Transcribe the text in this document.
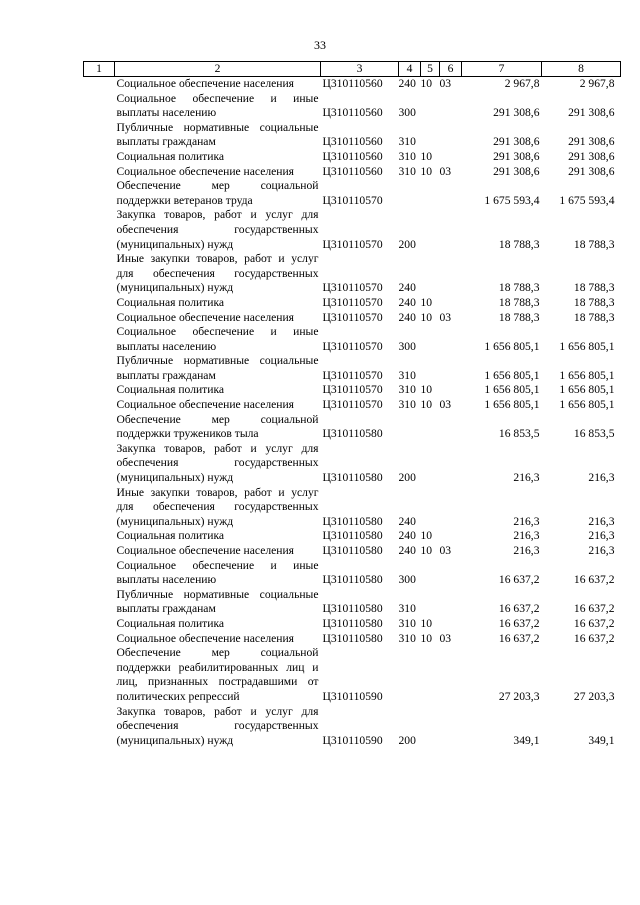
33
1	2	3	4	5	6	7	8
	Социальное обеспечение населения	Ц310110560	240	10	03	2 967,8	2 967,8
	Социальное обеспечение и иные выплаты населению	Ц310110560	300			291 308,6	291 308,6
	Публичные нормативные социальные выплаты гражданам	Ц310110560	310			291 308,6	291 308,6
	Социальная политика	Ц310110560	310	10		291 308,6	291 308,6
	Социальное обеспечение населения	Ц310110560	310	10	03	291 308,6	291 308,6
	Обеспечение мер социальной поддержки ветеранов труда	Ц310110570				1 675 593,4	1 675 593,4
	Закупка товаров, работ и услуг для обеспечения государственных (муниципальных) нужд	Ц310110570	200			18 788,3	18 788,3
	Иные закупки товаров, работ и услуг для обеспечения государственных (муниципальных) нужд	Ц310110570	240			18 788,3	18 788,3
	Социальная политика	Ц310110570	240	10		18 788,3	18 788,3
	Социальное обеспечение населения	Ц310110570	240	10	03	18 788,3	18 788,3
	Социальное обеспечение и иные выплаты населению	Ц310110570	300			1 656 805,1	1 656 805,1
	Публичные нормативные социальные выплаты гражданам	Ц310110570	310			1 656 805,1	1 656 805,1
	Социальная политика	Ц310110570	310	10		1 656 805,1	1 656 805,1
	Социальное обеспечение населения	Ц310110570	310	10	03	1 656 805,1	1 656 805,1
	Обеспечение мер социальной поддержки тружеников тыла	Ц310110580				16 853,5	16 853,5
	Закупка товаров, работ и услуг для обеспечения государственных (муниципальных) нужд	Ц310110580	200			216,3	216,3
	Иные закупки товаров, работ и услуг для обеспечения государственных (муниципальных) нужд	Ц310110580	240			216,3	216,3
	Социальная политика	Ц310110580	240	10		216,3	216,3
	Социальное обеспечение населения	Ц310110580	240	10	03	216,3	216,3
	Социальное обеспечение и иные выплаты населению	Ц310110580	300			16 637,2	16 637,2
	Публичные нормативные социальные выплаты гражданам	Ц310110580	310			16 637,2	16 637,2
	Социальная политика	Ц310110580	310	10		16 637,2	16 637,2
	Социальное обеспечение населения	Ц310110580	310	10	03	16 637,2	16 637,2
	Обеспечение мер социальной поддержки реабилитированных лиц и лиц, признанных пострадавшими от политических репрессий	Ц310110590				27 203,3	27 203,3
	Закупка товаров, работ и услуг для обеспечения государственных (муниципальных) нужд	Ц310110590	200			349,1	349,1
